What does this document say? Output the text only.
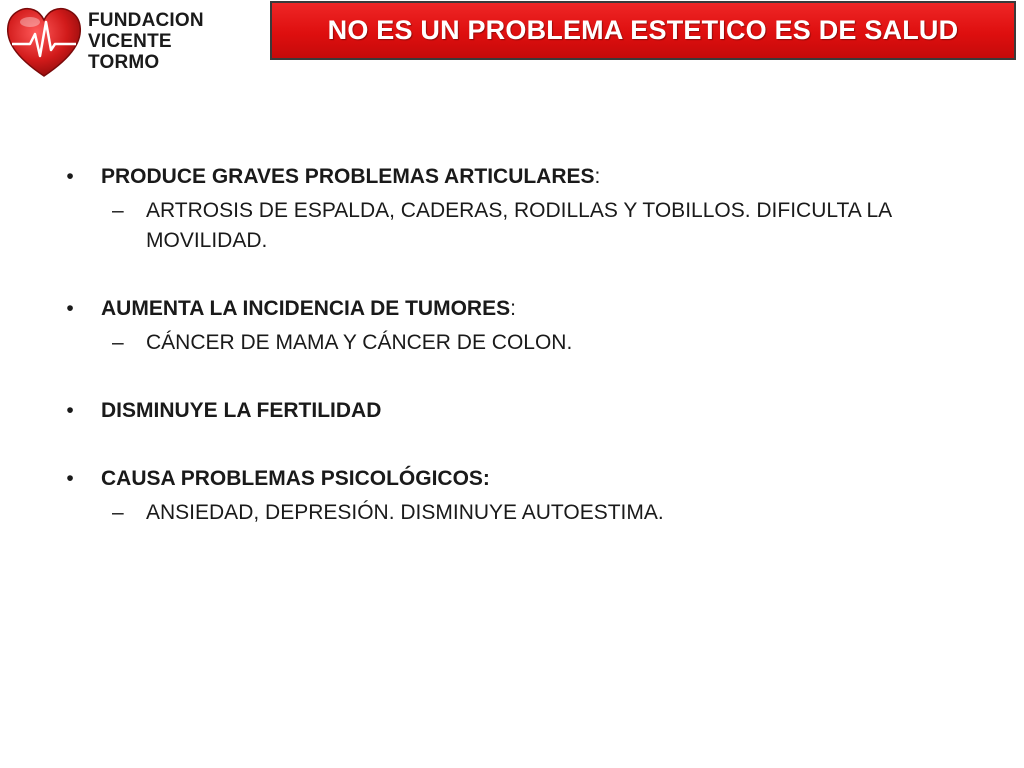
FUNDACION
VICENTE TORMO
NO ES UN PROBLEMA ESTETICO ES DE SALUD
•	PRODUCE GRAVES PROBLEMAS ARTICULARES:
– ARTROSIS DE ESPALDA, CADERAS, RODILLAS Y TOBILLOS. DIFICULTA LA MOVILIDAD.
•	AUMENTA LA INCIDENCIA DE TUMORES:
– CÁNCER DE MAMA Y CÁNCER DE COLON.
•	DISMINUYE LA FERTILIDAD
•	CAUSA PROBLEMAS PSICOLÓGICOS:
– ANSIEDAD, DEPRESIÓN. DISMINUYE AUTOESTIMA.
